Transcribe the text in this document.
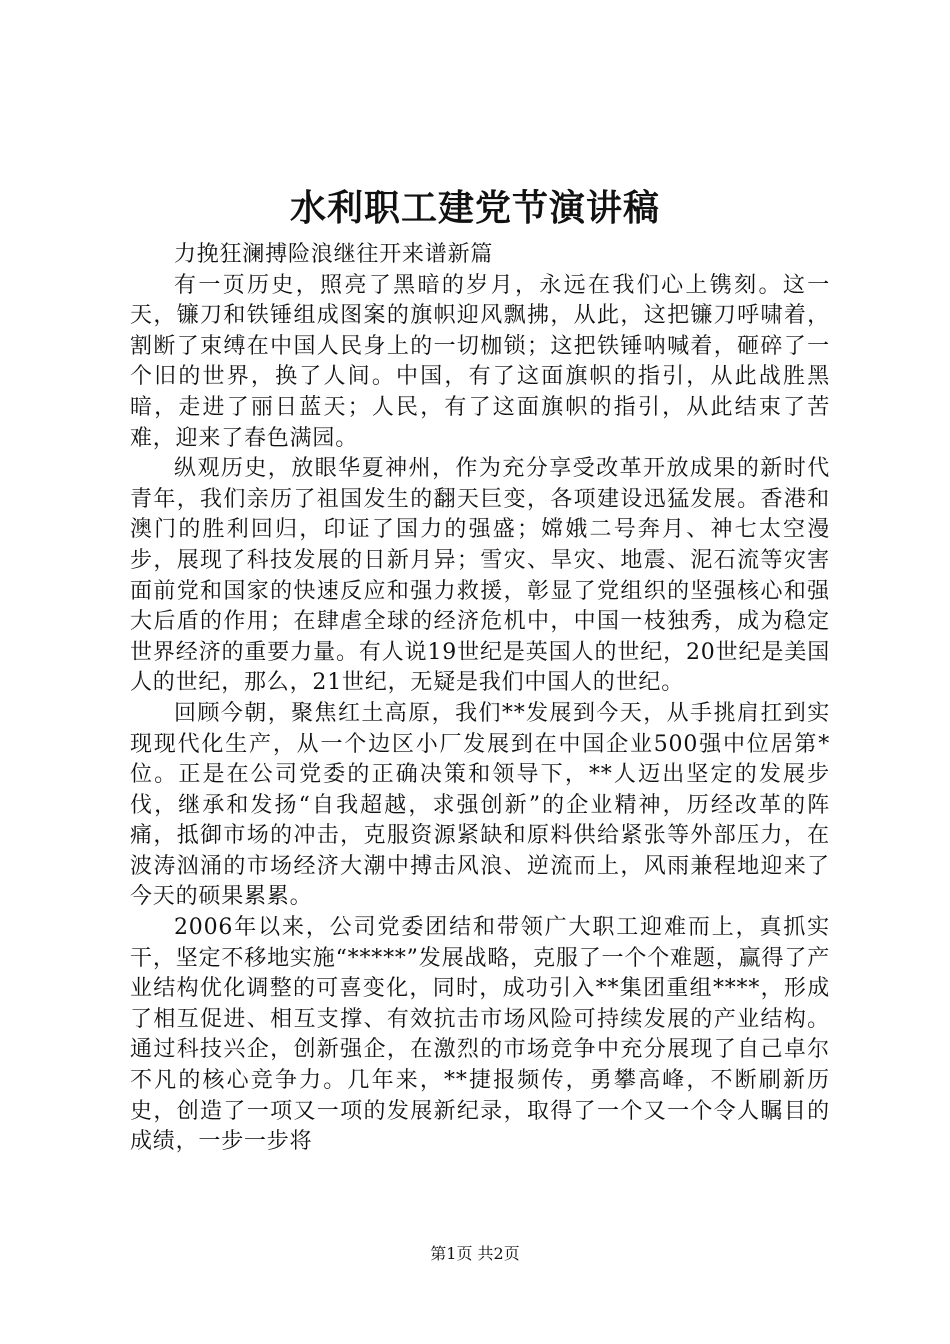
水利职工建党节演讲稿

力挽狂澜搏险浪继往开来谱新篇

有一页历史，照亮了黑暗的岁月，永远在我们心上镌刻。这一天，镰刀和铁锤组成图案的旗帜迎风飘拂，从此，这把镰刀呼啸着，割断了束缚在中国人民身上的一切枷锁；这把铁锤呐喊着，砸碎了一个旧的世界，换了人间。中国，有了这面旗帜的指引，从此战胜黑暗，走进了丽日蓝天；人民，有了这面旗帜的指引，从此结束了苦难，迎来了春色满园。

纵观历史，放眼华夏神州，作为充分享受改革开放成果的新时代青年，我们亲历了祖国发生的翻天巨变，各项建设迅猛发展。香港和澳门的胜利回归，印证了国力的强盛；嫦娥二号奔月、神七太空漫步，展现了科技发展的日新月异；雪灾、旱灾、地震、泥石流等灾害面前党和国家的快速反应和强力救援，彰显了党组织的坚强核心和强大后盾的作用；在肆虐全球的经济危机中，中国一枝独秀，成为稳定世界经济的重要力量。有人说19世纪是英国人的世纪，20世纪是美国人的世纪，那么，21世纪，无疑是我们中国人的世纪。

回顾今朝，聚焦红土高原，我们**发展到今天，从手挑肩扛到实现现代化生产，从一个边区小厂发展到在中国企业500强中位居第*位。正是在公司党委的正确决策和领导下，**人迈出坚定的发展步伐，继承和发扬“自我超越，求强创新”的企业精神，历经改革的阵痛，抵御市场的冲击，克服资源紧缺和原料供给紧张等外部压力，在波涛汹涌的市场经济大潮中搏击风浪、逆流而上，风雨兼程地迎来了今天的硕果累累。

2006年以来，公司党委团结和带领广大职工迎难而上，真抓实干，坚定不移地实施“*****”发展战略，克服了一个个难题，赢得了产业结构优化调整的可喜变化，同时，成功引入**集团重组****，形成了相互促进、相互支撑、有效抗击市场风险可持续发展的产业结构。通过科技兴企，创新强企，在激烈的市场竞争中充分展现了自己卓尔不凡的核心竞争力。几年来，**捷报频传，勇攀高峰，不断刷新历史，创造了一项又一项的发展新纪录，取得了一个又一个令人瞩目的成绩，一步一步将

第1页 共2页
